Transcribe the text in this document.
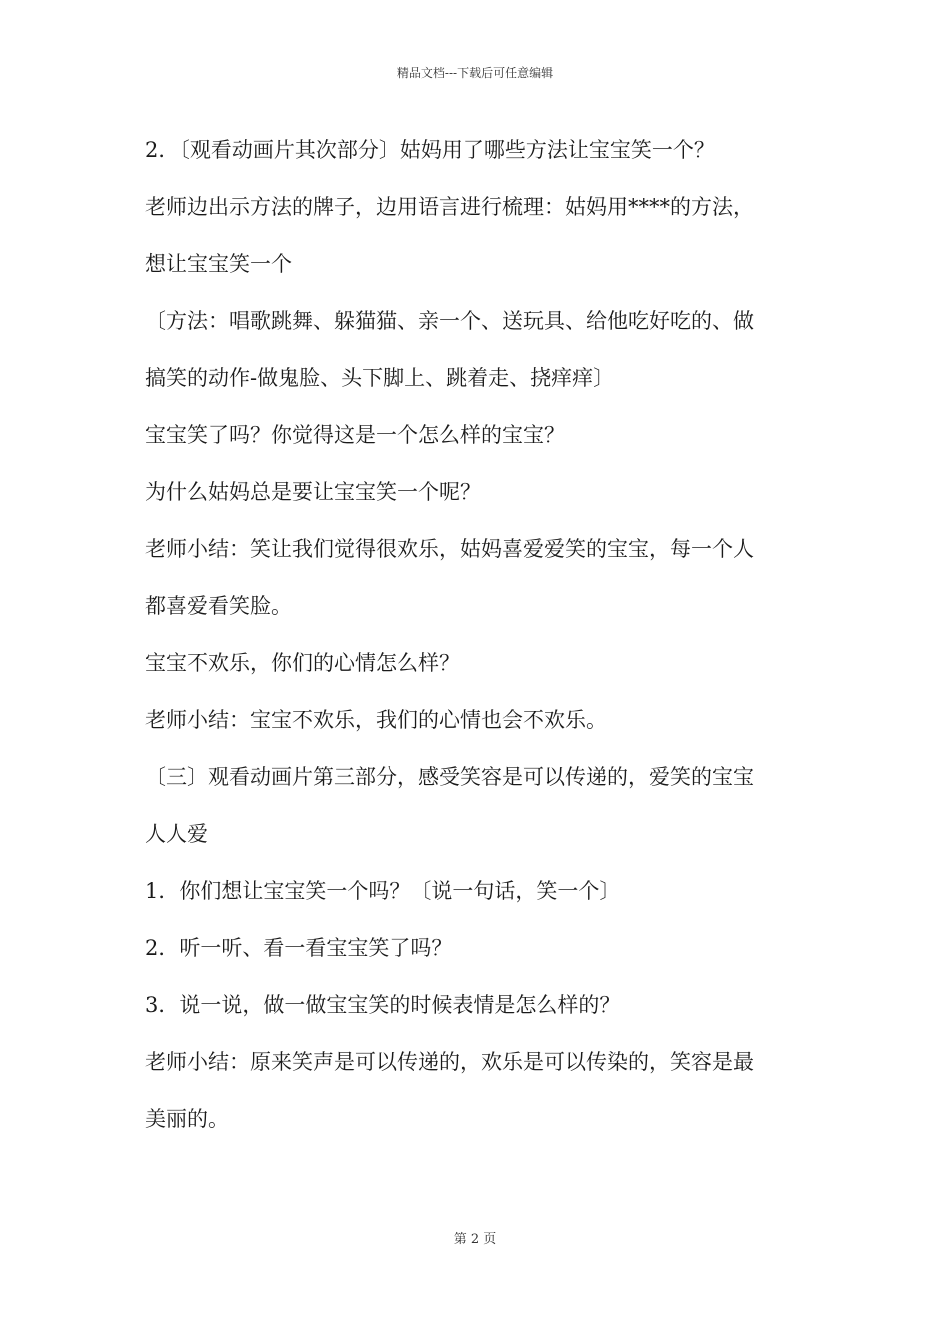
精品文档---下载后可任意编辑
2．〔观看动画片其次部分〕姑妈用了哪些方法让宝宝笑一个？
老师边出示方法的牌子，边用语言进行梳理：姑妈用****的方法，
想让宝宝笑一个
〔方法：唱歌跳舞、躲猫猫、亲一个、送玩具、给他吃好吃的、做
搞笑的动作-做鬼脸、头下脚上、跳着走、挠痒痒〕
宝宝笑了吗？你觉得这是一个怎么样的宝宝？
为什么姑妈总是要让宝宝笑一个呢？
老师小结：笑让我们觉得很欢乐，姑妈喜爱爱笑的宝宝，每一个人
都喜爱看笑脸。
宝宝不欢乐，你们的心情怎么样？
老师小结：宝宝不欢乐，我们的心情也会不欢乐。
〔三〕观看动画片第三部分，感受笑容是可以传递的，爱笑的宝宝
人人爱
1．你们想让宝宝笑一个吗？〔说一句话，笑一个〕
2．听一听、看一看宝宝笑了吗？
3．说一说，做一做宝宝笑的时候表情是怎么样的？
老师小结：原来笑声是可以传递的，欢乐是可以传染的，笑容是最
美丽的。
第 2 页
